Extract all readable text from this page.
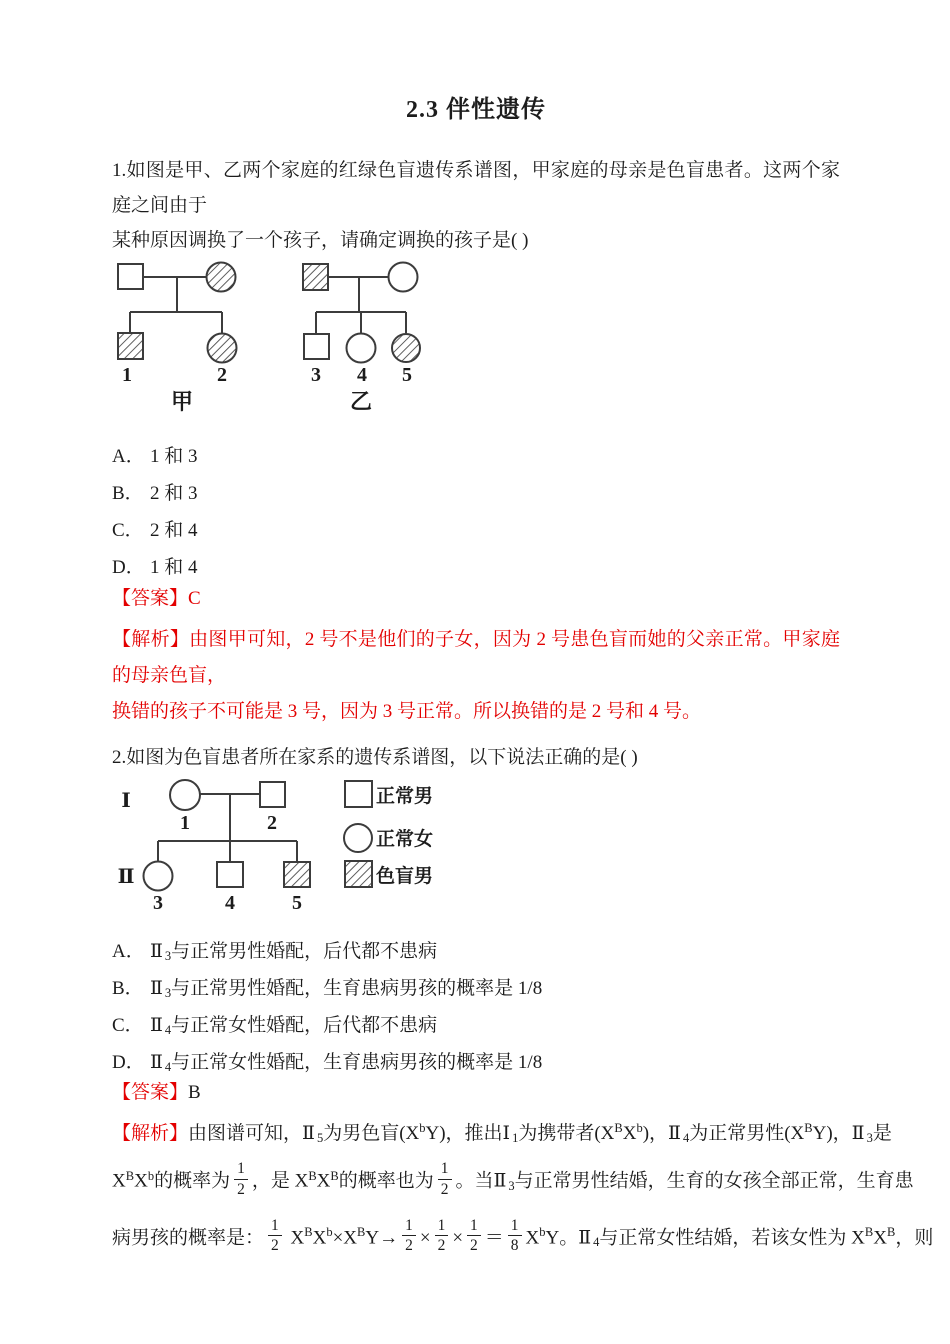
2.3 伴性遗传
1.如图是甲、乙两个家庭的红绿色盲遗传系谱图，甲家庭的母亲是色盲患者。这两个家庭之间由于
某种原因调换了一个孩子，请确定调换的孩子是( )
1	2	3 4 5
甲	乙
A． 1 和 3
B． 2 和 3
C． 2 和 4
D． 1 和 4
【答案】C
【解析】由图甲可知，2 号不是他们的子女，因为 2 号患色盲而她的父亲正常。甲家庭的母亲色盲，
换错的孩子不可能是 3 号，因为 3 号正常。所以换错的是 2 号和 4 号。
2.如图为色盲患者所在家系的遗传系谱图，以下说法正确的是( )
Ⅰ
Ⅱ
1	2
3	4	5
正常男
正常女
色盲男
A． Ⅱ 3与正常男性婚配，后代都不患病
B． Ⅱ 3与正常男性婚配，生育患病男孩的概率是 1/8
C． Ⅱ 4与正常女性婚配，后代都不患病
D． Ⅱ 4与正常女性婚配，生育患病男孩的概率是 1/8
【答案】B
【解析】由图谱可知，Ⅱ 5为男色盲$(X^bY)$，推出Ⅰ 1为携带者$(X^BX^b)$，Ⅱ 4为正常男性$(X^BY)$，Ⅱ 3是
$X^BX^b$的概率为 $\frac{1}{2}$ ，是 $X^BX^B$的概率也为 $\frac{1}{2}$ 。当Ⅱ 3与正常男性结婚，生育的女孩全部正常，生育患
病男孩的概率是： $\frac{1}{2} X^BX^b\times X^BY\to \frac{1}{2} \times \frac{1}{2} \times \frac{1}{2} = \frac{1}{8} X^bY$。Ⅱ 4与正常女性结婚，若该女性为 $X^BX^B$，则
